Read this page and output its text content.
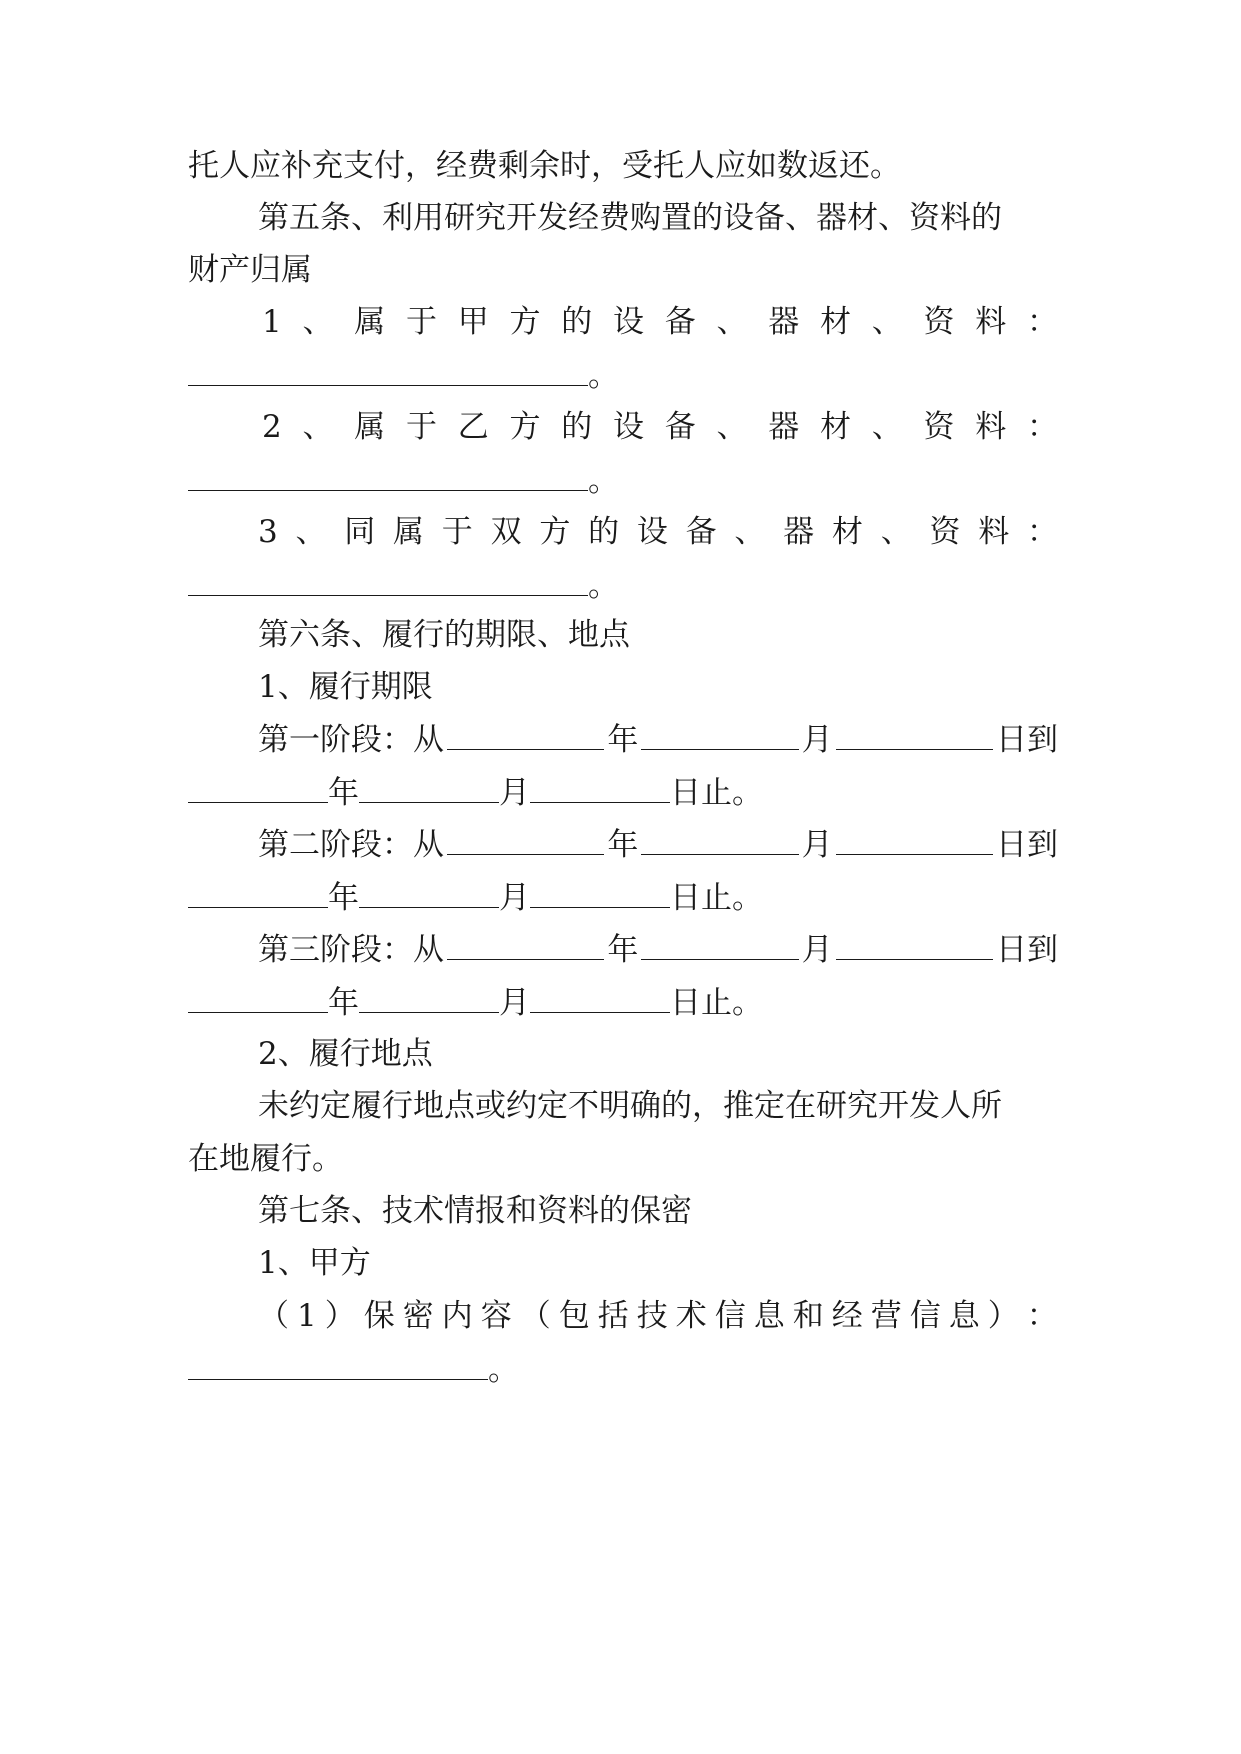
托人应补充支付，经费剩余时，受托人应如数返还。
第五条、利用研究开发经费购置的设备、器材、资料的
财产归属
1 、 属 于 甲 方 的 设 备 、 器 材 、 资 料 ：
。
2 、 属 于 乙 方 的 设 备 、 器 材 、 资 料 ：
。
3 、 同 属 于 双 方 的 设 备 、 器 材 、 资 料 ：
。
第六条、履行的期限、地点
1、履行期限
第一阶段：从	年	月	日到
年	月	日止。
第二阶段：从	年	月	日到
年	月	日止。
第三阶段：从	年	月	日到
年	月	日止。
2、履行地点
未约定履行地点或约定不明确的，推定在研究开发人所
在地履行。
第七条、技术情报和资料的保密
1、甲方
（ 1 ） 保 密 内 容 （ 包 括 技 术 信 息 和 经 营 信 息 ） ：
。
